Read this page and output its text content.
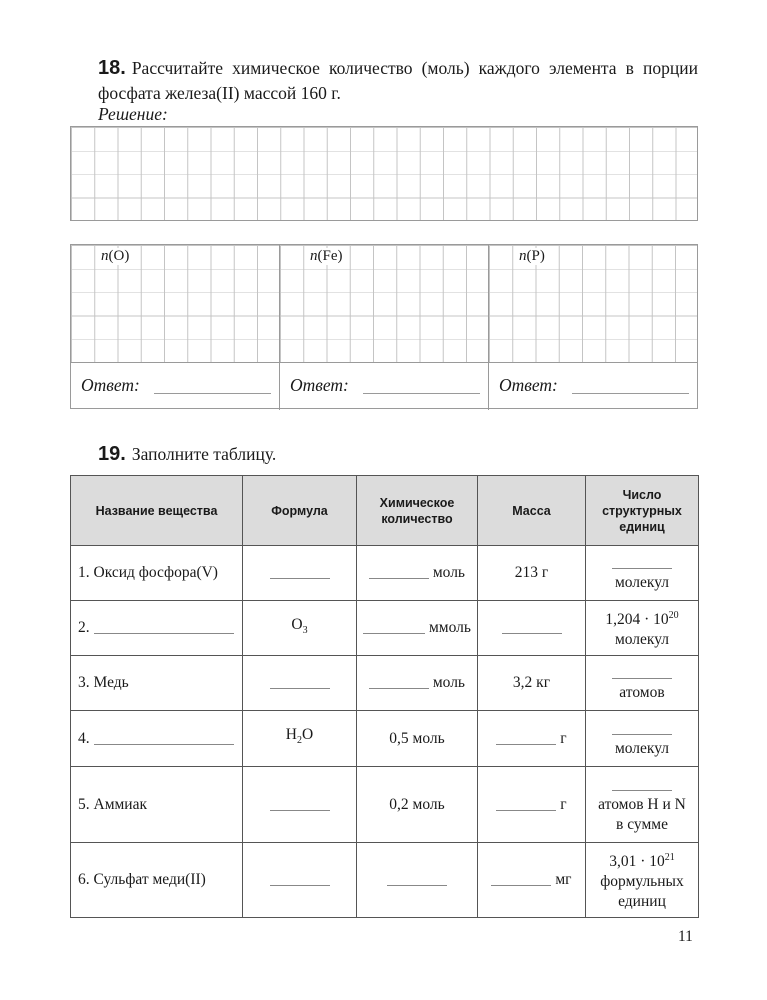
18. Рассчитайте химическое количество (моль) каждого элемента в порции фосфата железа(II) массой 160 г.
Решение:
n(O)	n(Fe)	n(P)
Ответ:	Ответ:	Ответ:
19. Заполните таблицу.
Название вещества	Формула	Химическое количество	Масса	Число структурных единиц
1. Оксид фосфора(V)		моль	213 г	молекул

2.	$O_3$	ммоль		$1,204 \cdot 10^{20}$
молекул

3. Медь		моль	3,2 кг	атомов

4.	$H_2O$	0,5 моль	г	молекул

5. Аммиак		0,2 моль	г	атомов H и N
в сумме

6. Сульфат меди(II)			мг	$3,01 \cdot 10^{21}$
формульных
единиц
11
